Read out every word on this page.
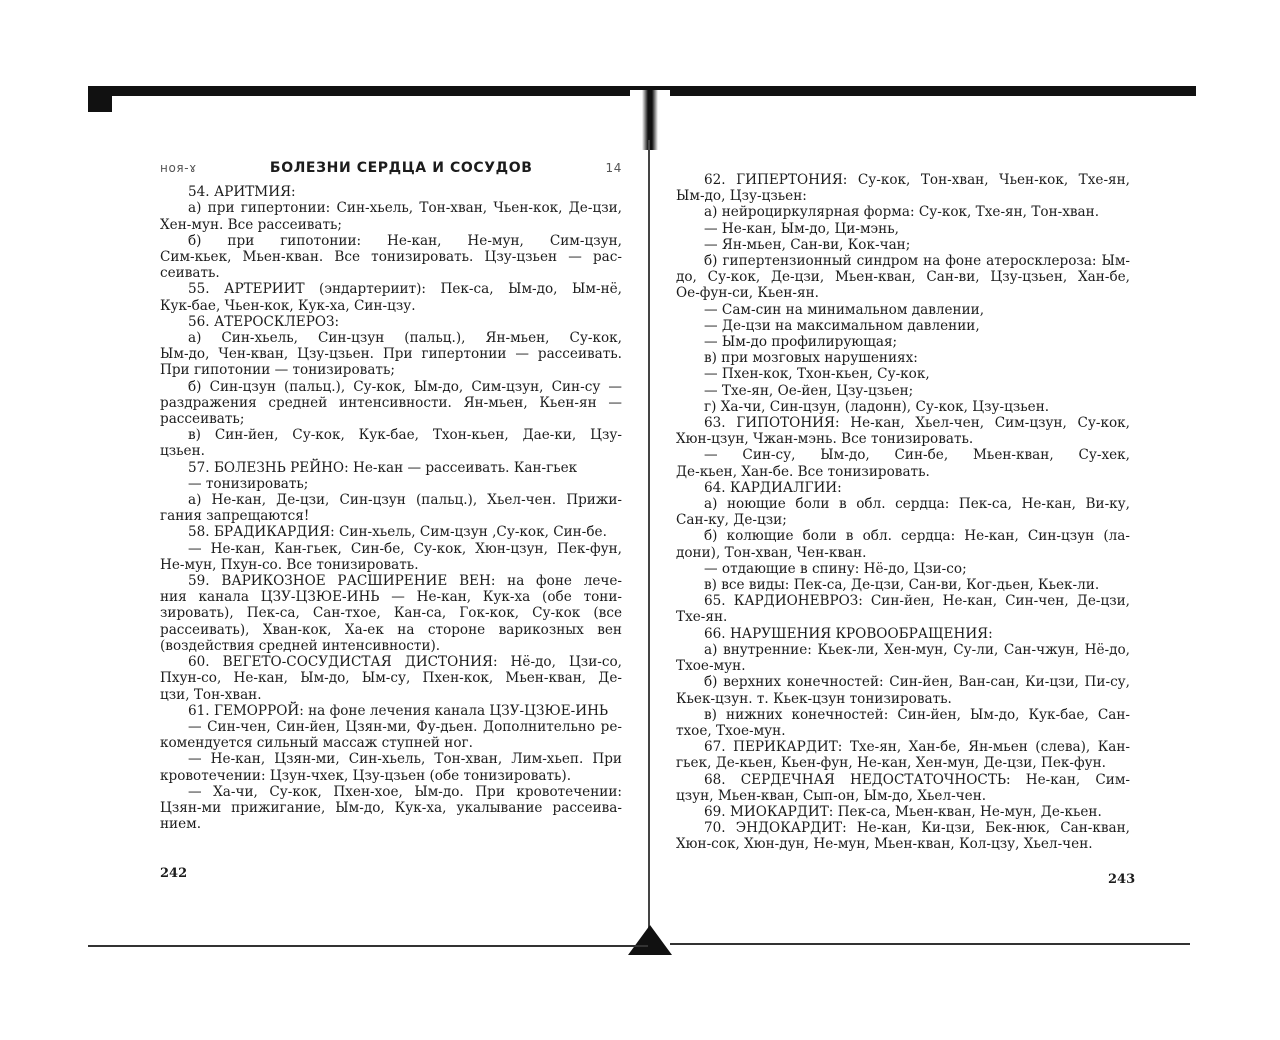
ноя-ɤ	БОЛЕЗНИ СЕРДЦА И СОСУДОВ	14
54. АРИТМИЯ:
а) при гипертонии: Син-хьель, Тон-хван, Чьен-кок, Де-цзи,
Хен-мун. Все рассеивать;
б) при гипотонии: Не-кан, Не-мун, Сим-цзун,
Сим-кьек, Мьен-кван. Все тонизировать. Цзу-цзьен — рас-
сеивать.
55. АРТЕРИИТ (эндартериит): Пек-са, Ым-до, Ым-нё,
Кук-бае, Чьен-кок, Кук-ха, Син-цзу.
56. АТЕРОСКЛЕРОЗ:
а) Син-хьель, Син-цзун (пальц.), Ян-мьен, Су-кок,
Ым-до, Чен-кван, Цзу-цзьен. При гипертонии — рассеивать.
При гипотонии — тонизировать;
б) Син-цзун (пальц.), Су-кок, Ым-до, Сим-цзун, Син-су —
раздражения средней интенсивности. Ян-мьен, Кьен-ян —
рассеивать;
в) Син-йен, Су-кок, Кук-бае, Тхон-кьен, Дае-ки, Цзу-
цзьен.
57. БОЛЕЗНЬ РЕЙНО: Не-кан — рассеивать. Кан-гьек
— тонизировать;
а) Не-кан, Де-цзи, Син-цзун (пальц.), Хьел-чен. Прижи-
гания запрещаются!
58. БРАДИКАРДИЯ: Син-хьель, Сим-цзун ,Су-кок, Син-бе.
— Не-кан, Кан-гьек, Син-бе, Су-кок, Хюн-цзун, Пек-фун,
Не-мун, Пхун-со. Все тонизировать.
59. ВАРИКОЗНОЕ РАСШИРЕНИЕ ВЕН: на фоне лече-
ния канала ЦЗУ-ЦЗЮЕ-ИНЬ — Не-кан, Кук-ха (обе тони-
зировать), Пек-са, Сан-тхое, Кан-са, Гок-кок, Су-кок (все
рассеивать), Хван-кок, Ха-ек на стороне варикозных вен
(воздействия средней интенсивности).
60. ВЕГЕТО-СОСУДИСТАЯ ДИСТОНИЯ: Нё-до, Цзи-со,
Пхун-со, Не-кан, Ым-до, Ым-су, Пхен-кок, Мьен-кван, Де-
цзи, Тон-хван.
61. ГЕМОРРОЙ: на фоне лечения канала ЦЗУ-ЦЗЮЕ-ИНЬ
— Син-чен, Син-йен, Цзян-ми, Фу-дьен. Дополнительно ре-
комендуется сильный массаж ступней ног.
— Не-кан, Цзян-ми, Син-хьель, Тон-хван, Лим-хьеп. При
кровотечении: Цзун-чхек, Цзу-цзьен (обе тонизировать).
— Ха-чи, Су-кок, Пхен-хое, Ым-до. При кровотечении:
Цзян-ми прижигание, Ым-до, Кук-ха, укалывание рассеива-
нием.
242
62. ГИПЕРТОНИЯ: Су-кок, Тон-хван, Чьен-кок, Тхе-ян,
Ым-до, Цзу-цзьен:
а) нейроциркулярная форма: Су-кок, Тхе-ян, Тон-хван.
— Не-кан, Ым-до, Ци-мэнь,
— Ян-мьен, Сан-ви, Кок-чан;
б) гипертензионный синдром на фоне атеросклероза: Ым-
до, Су-кок, Де-цзи, Мьен-кван, Сан-ви, Цзу-цзьен, Хан-бе,
Ое-фун-си, Кьен-ян.
— Сам-син на минимальном давлении,
— Де-цзи на максимальном давлении,
— Ым-до профилирующая;
в) при мозговых нарушениях:
— Пхен-кок, Тхон-кьен, Су-кок,
— Тхе-ян, Ое-йен, Цзу-цзьен;
г) Ха-чи, Син-цзун, (ладонн), Су-кок, Цзу-цзьен.
63. ГИПОТОНИЯ: Не-кан, Хьел-чен, Сим-цзун, Су-кок,
Хюн-цзун, Чжан-мэнь. Все тонизировать.
— Син-су, Ым-до, Син-бе, Мьен-кван, Су-хек,
Де-кьен, Хан-бе. Все тонизировать.
64. КАРДИАЛГИИ:
а) ноющие боли в обл. сердца: Пек-са, Не-кан, Ви-ку,
Сан-ку, Де-цзи;
б) колющие боли в обл. сердца: Не-кан, Син-цзун (ла-
дони), Тон-хван, Чен-кван.
— отдающие в спину: Нё-до, Цзи-со;
в) все виды: Пек-са, Де-цзи, Сан-ви, Ког-дьен, Кьек-ли.
65. КАРДИОНЕВРОЗ: Син-йен, Не-кан, Син-чен, Де-цзи,
Тхе-ян.
66. НАРУШЕНИЯ КРОВООБРАЩЕНИЯ:
а) внутренние: Кьек-ли, Хен-мун, Су-ли, Сан-чжун, Нё-до,
Тхое-мун.
б) верхних конечностей: Син-йен, Ван-сан, Ки-цзи, Пи-су,
Кьек-цзун. т. Кьек-цзун тонизировать.
в) нижних конечностей: Син-йен, Ым-до, Кук-бае, Сан-
тхое, Тхое-мун.
67. ПЕРИКАРДИТ: Тхе-ян, Хан-бе, Ян-мьен (слева), Кан-
гьек, Де-кьен, Кьен-фун, Не-кан, Хен-мун, Де-цзи, Пек-фун.
68. СЕРДЕЧНАЯ НЕДОСТАТОЧНОСТЬ: Не-кан, Сим-
цзун, Мьен-кван, Сып-он, Ым-до, Хьел-чен.
69. МИОКАРДИТ: Пек-са, Мьен-кван, Не-мун, Де-кьен.
70. ЭНДОКАРДИТ: Не-кан, Ки-цзи, Бек-нюк, Сан-кван,
Хюн-сок, Хюн-дун, Не-мун, Мьен-кван, Кол-цзу, Хьел-чен.
243
